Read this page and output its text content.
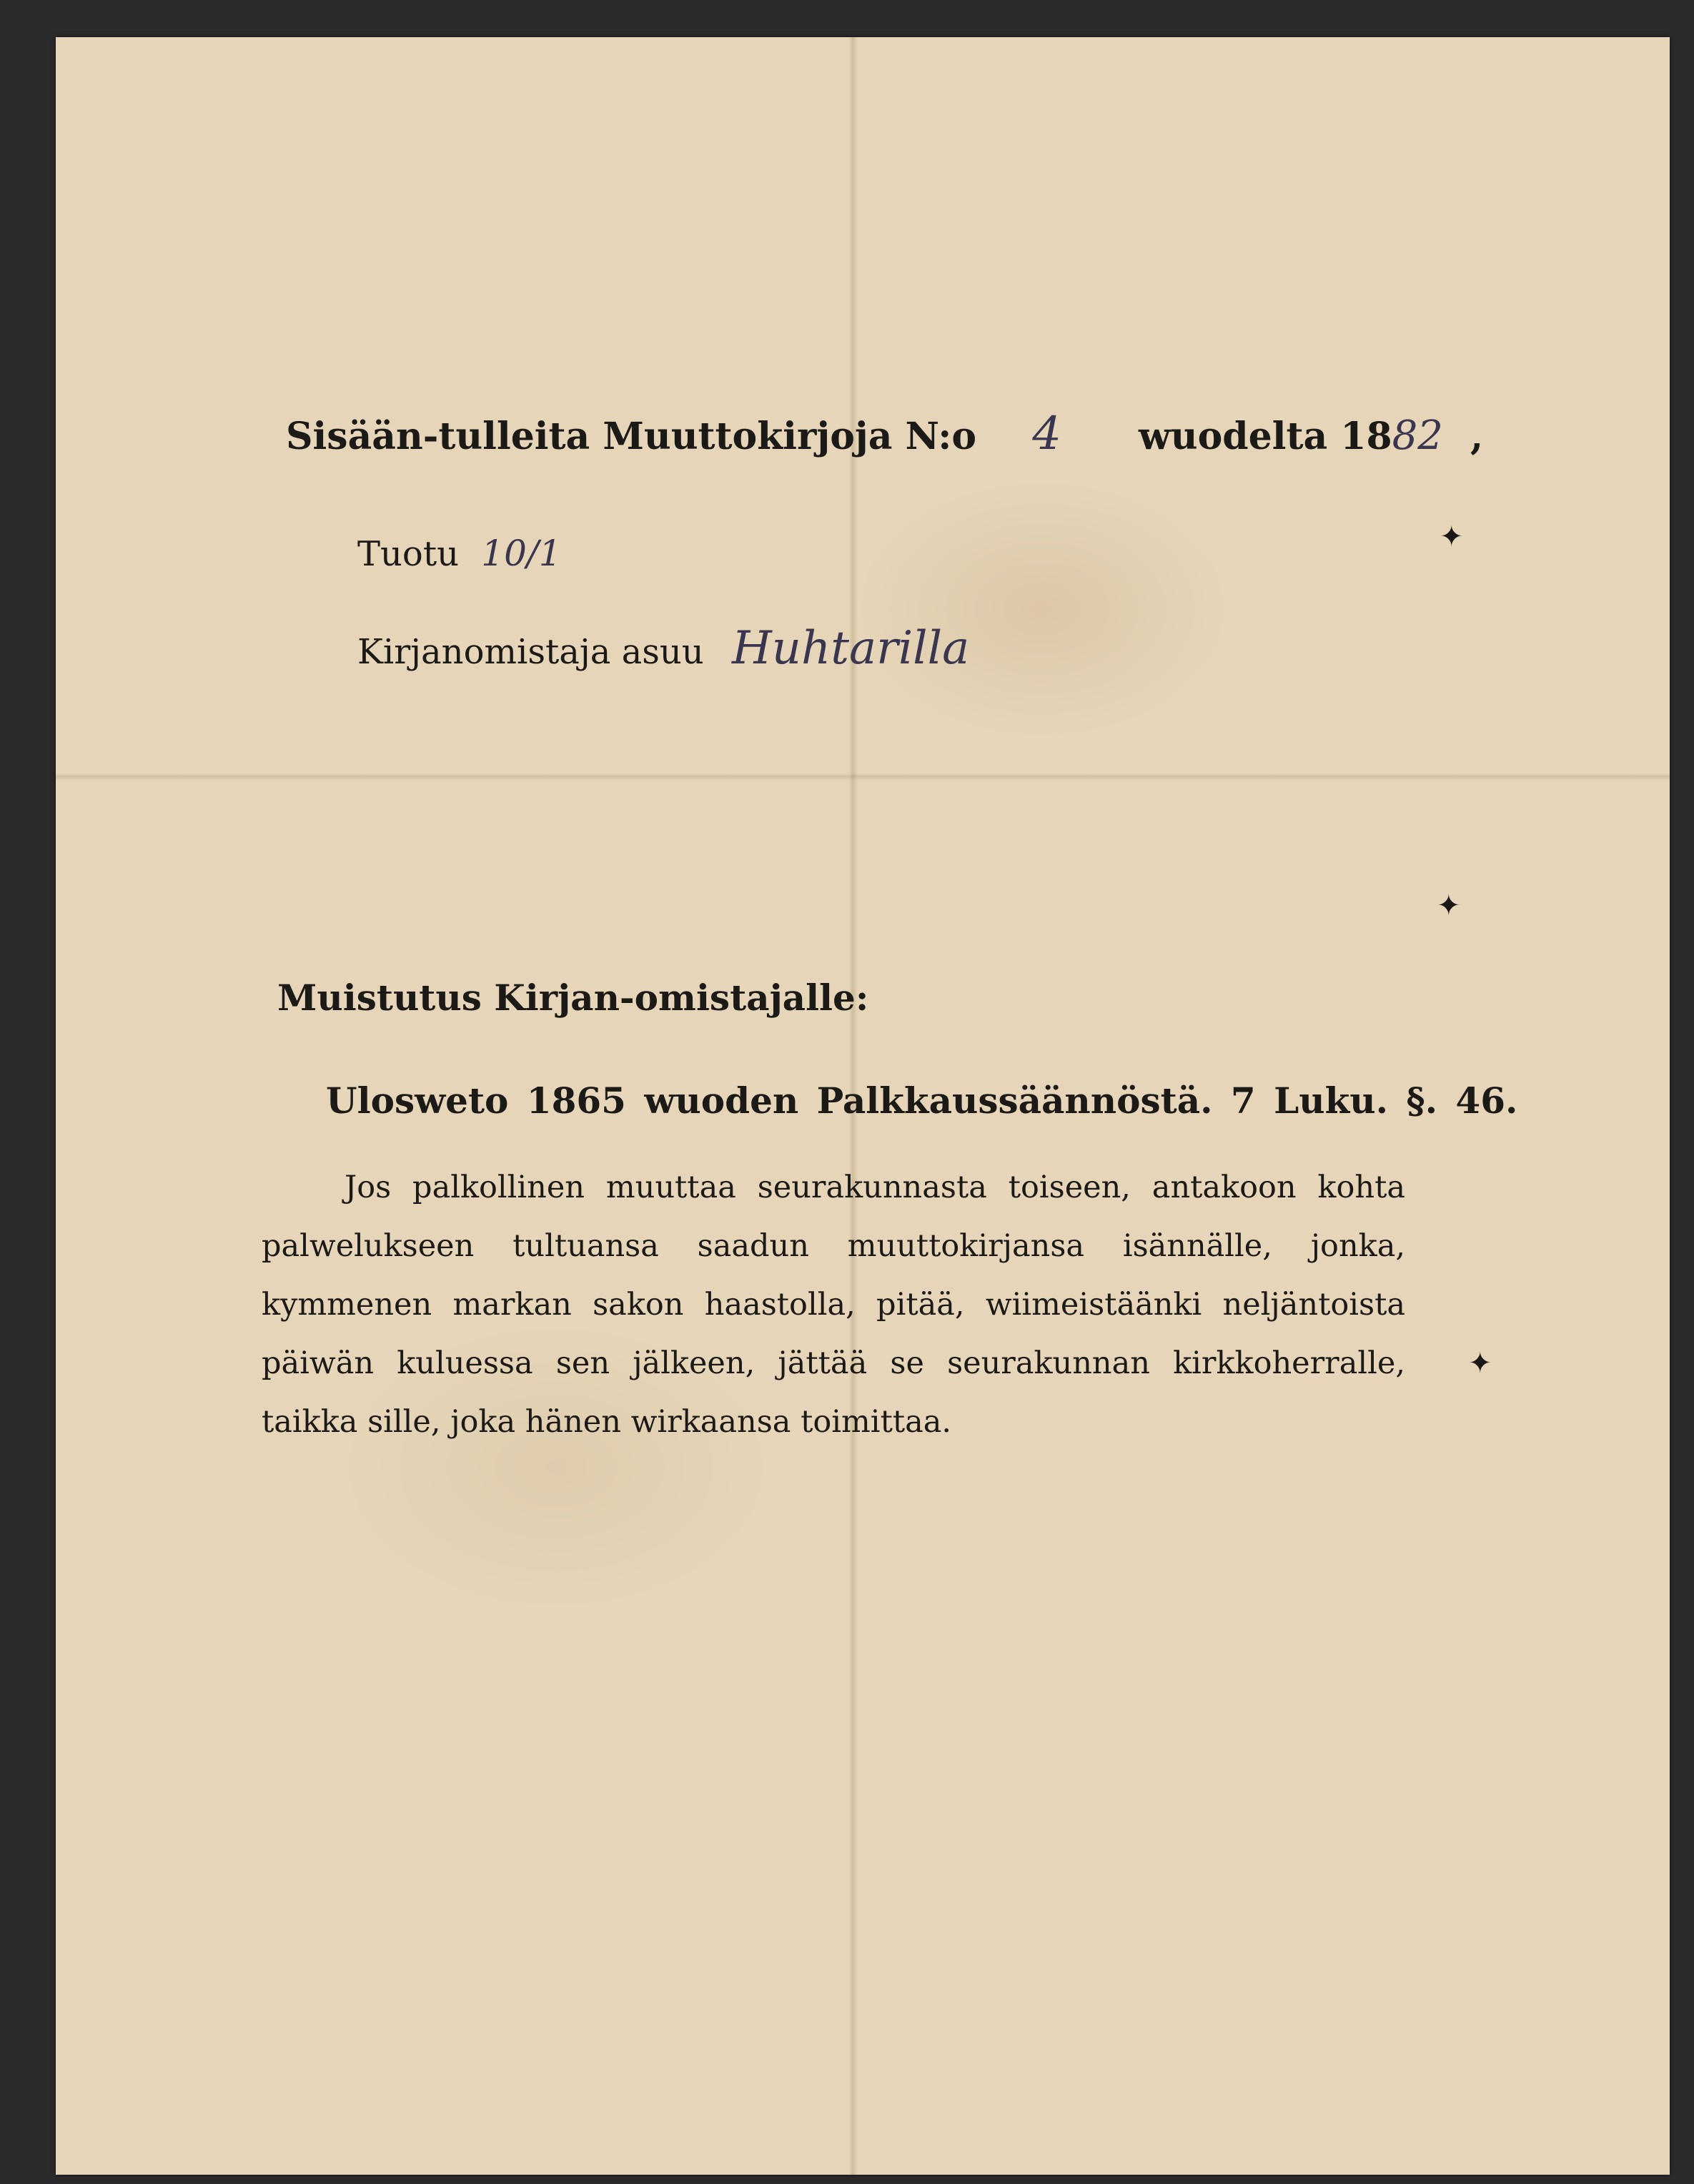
Sisään-tulleita Muuttokirjoja N:o 4 wuodelta 1882 ,
Tuotu 10/1
Kirjanomistaja asuu Huhtarilla
Muistutus Kirjan-omistajalle:
Ulosweto 1865 wuoden Palkkaussäännöstä. 7 Luku. §. 46.
Jos palkollinen muuttaa seurakunnasta toiseen, antakoon kohta palwelukseen tultuansa saadun muuttokirjansa isännälle, jonka, kymmenen markan sakon haastolla, pitää, wiimeistäänki neljäntoista päiwän kuluessa sen jälkeen, jättää se seurakunnan kirkkoherralle, taikka sille, joka hänen wirkaansa toimittaa.
✦
✦
✦
